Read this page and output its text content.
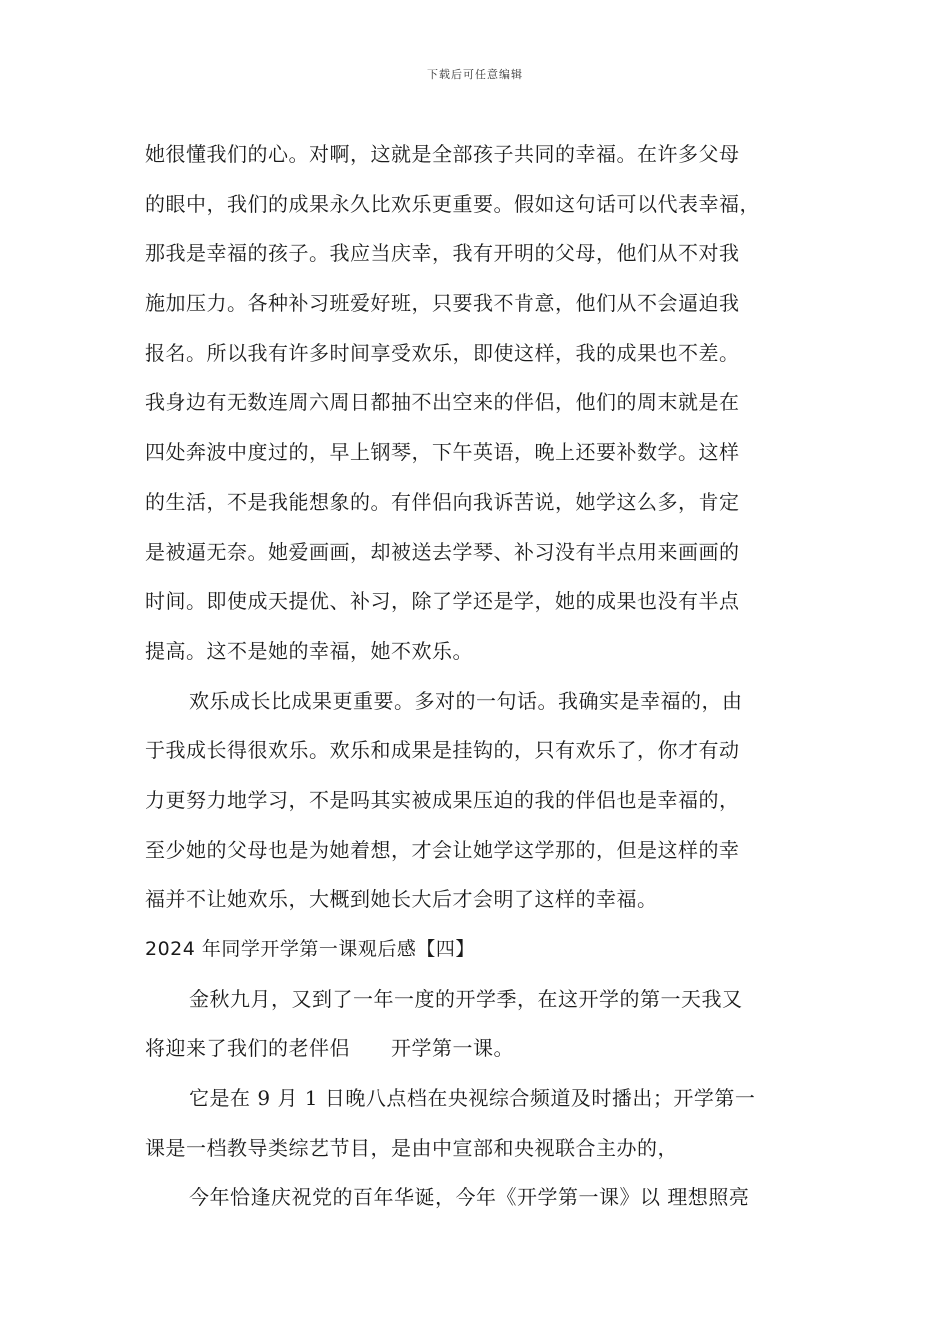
下载后可任意编辑
她很懂我们的心。对啊，这就是全部孩子共同的幸福。在许多父母
的眼中，我们的成果永久比欢乐更重要。假如这句话可以代表幸福，
那我是幸福的孩子。我应当庆幸，我有开明的父母，他们从不对我
施加压力。各种补习班爱好班，只要我不肯意，他们从不会逼迫我
报名。所以我有许多时间享受欢乐，即使这样，我的成果也不差。
我身边有无数连周六周日都抽不出空来的伴侣，他们的周末就是在
四处奔波中度过的，早上钢琴，下午英语，晚上还要补数学。这样
的生活，不是我能想象的。有伴侣向我诉苦说，她学这么多，肯定
是被逼无奈。她爱画画，却被送去学琴、补习没有半点用来画画的
时间。即使成天提优、补习，除了学还是学，她的成果也没有半点
提高。这不是她的幸福，她不欢乐。
欢乐成长比成果更重要。多对的一句话。我确实是幸福的，由
于我成长得很欢乐。欢乐和成果是挂钩的，只有欢乐了，你才有动
力更努力地学习，不是吗其实被成果压迫的我的伴侣也是幸福的，
至少她的父母也是为她着想，才会让她学这学那的，但是这样的幸
福并不让她欢乐，大概到她长大后才会明了这样的幸福。
2024 年同学开学第一课观后感【四】
金秋九月，又到了一年一度的开学季，在这开学的第一天我又
将迎来了我们的老伴侣　　开学第一课。
它是在 9 月 1 日晚八点档在央视综合频道及时播出；开学第一
课是一档教导类综艺节目，是由中宣部和央视联合主办的，
今年恰逢庆祝党的百年华诞，今年《开学第一课》以 理想照亮
